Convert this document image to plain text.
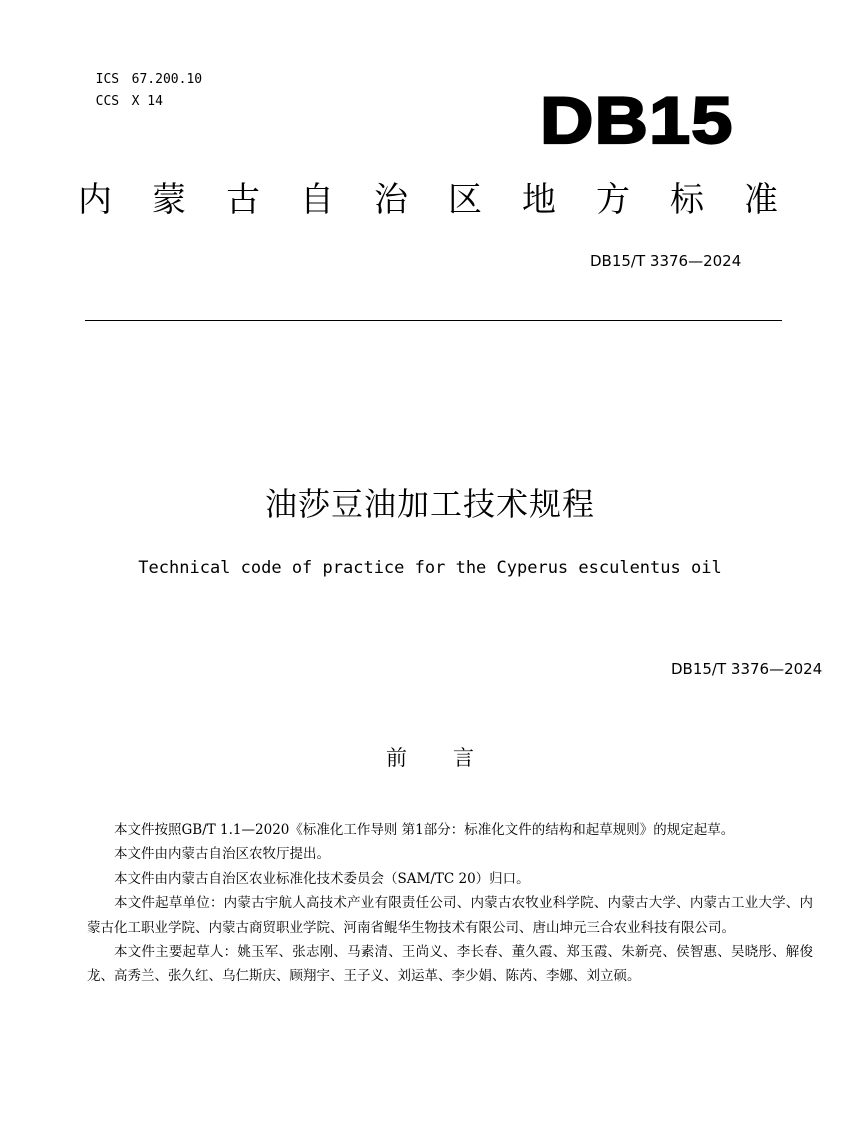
ICS 67.200.10

CCS X 14	DB15
内 蒙 古 自 治 区 地 方 标 准
DB15/T 3376—2024
油莎豆油加工技术规程
Technical code of practice for the Cyperus esculentus oil
DB15/T 3376—2024
前言

本文件按照GB/T 1.1—2020《标准化工作导则 第1部分：标准化文件的结构和起草规则》的规定起草。

本文件由内蒙古自治区农牧厅提出。

本文件由内蒙古自治区农业标准化技术委员会（SAM/TC 20）归口。

本文件起草单位：内蒙古宇航人高技术产业有限责任公司、内蒙古农牧业科学院、内蒙古大学、内蒙古工业大学、内蒙古化工职业学院、内蒙古商贸职业学院、河南省鲲华生物技术有限公司、唐山坤元三合农业科技有限公司。

本文件主要起草人：姚玉军、张志刚、马素清、王尚义、李长春、董久霞、郑玉霞、朱新亮、侯智惠、吴晓彤、解俊龙、高秀兰、张久红、乌仁斯庆、顾翔宇、王子义、刘运革、李少娟、陈芮、李娜、刘立硕。
